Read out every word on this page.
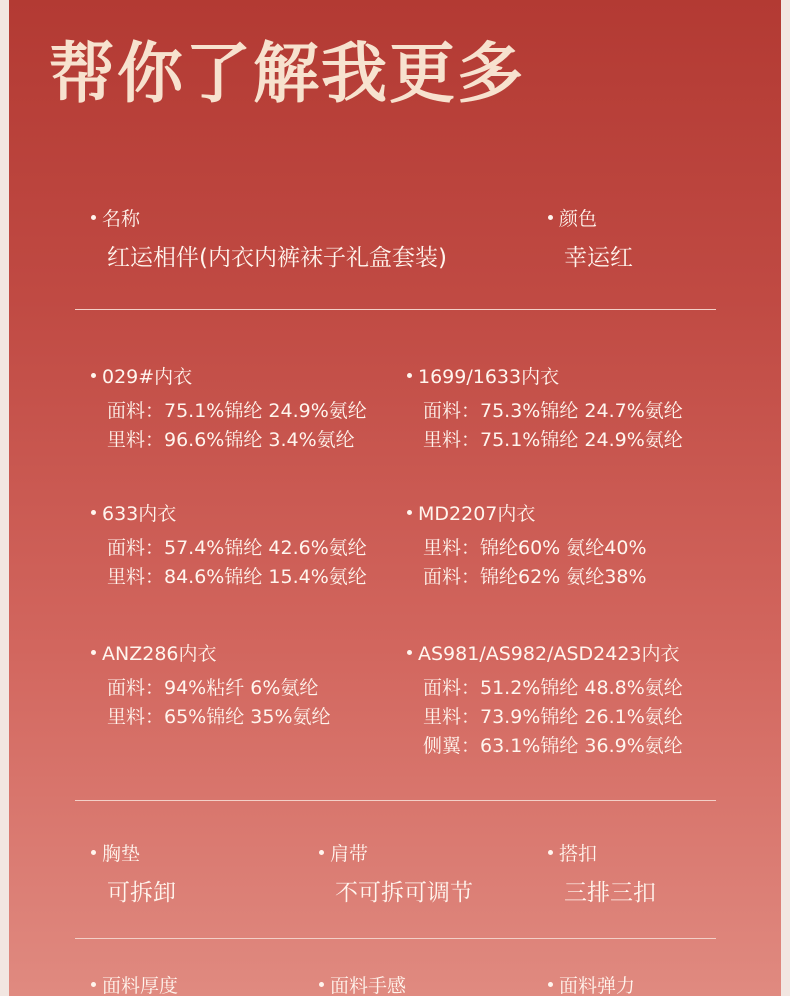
帮你了解我更多
名称
红运相伴(内衣内裤袜子礼盒套装)
颜色
幸运红
029#内衣
面料：75.1%锦纶 24.9%氨纶
里料：96.6%锦纶 3.4%氨纶
1699/1633内衣
面料：75.3%锦纶 24.7%氨纶
里料：75.1%锦纶 24.9%氨纶
633内衣
面料：57.4%锦纶 42.6%氨纶
里料：84.6%锦纶 15.4%氨纶
MD2207内衣
里料：锦纶60% 氨纶40%
面料：锦纶62% 氨纶38%
ANZ286内衣
面料：94%粘纤 6%氨纶
里料：65%锦纶 35%氨纶
AS981/AS982/ASD2423内衣
面料：51.2%锦纶 48.8%氨纶
里料：73.9%锦纶 26.1%氨纶
侧翼：63.1%锦纶 36.9%氨纶
胸垫
可拆卸
肩带
不可拆可调节
搭扣
三排三扣
面料厚度	面料手感	面料弹力
